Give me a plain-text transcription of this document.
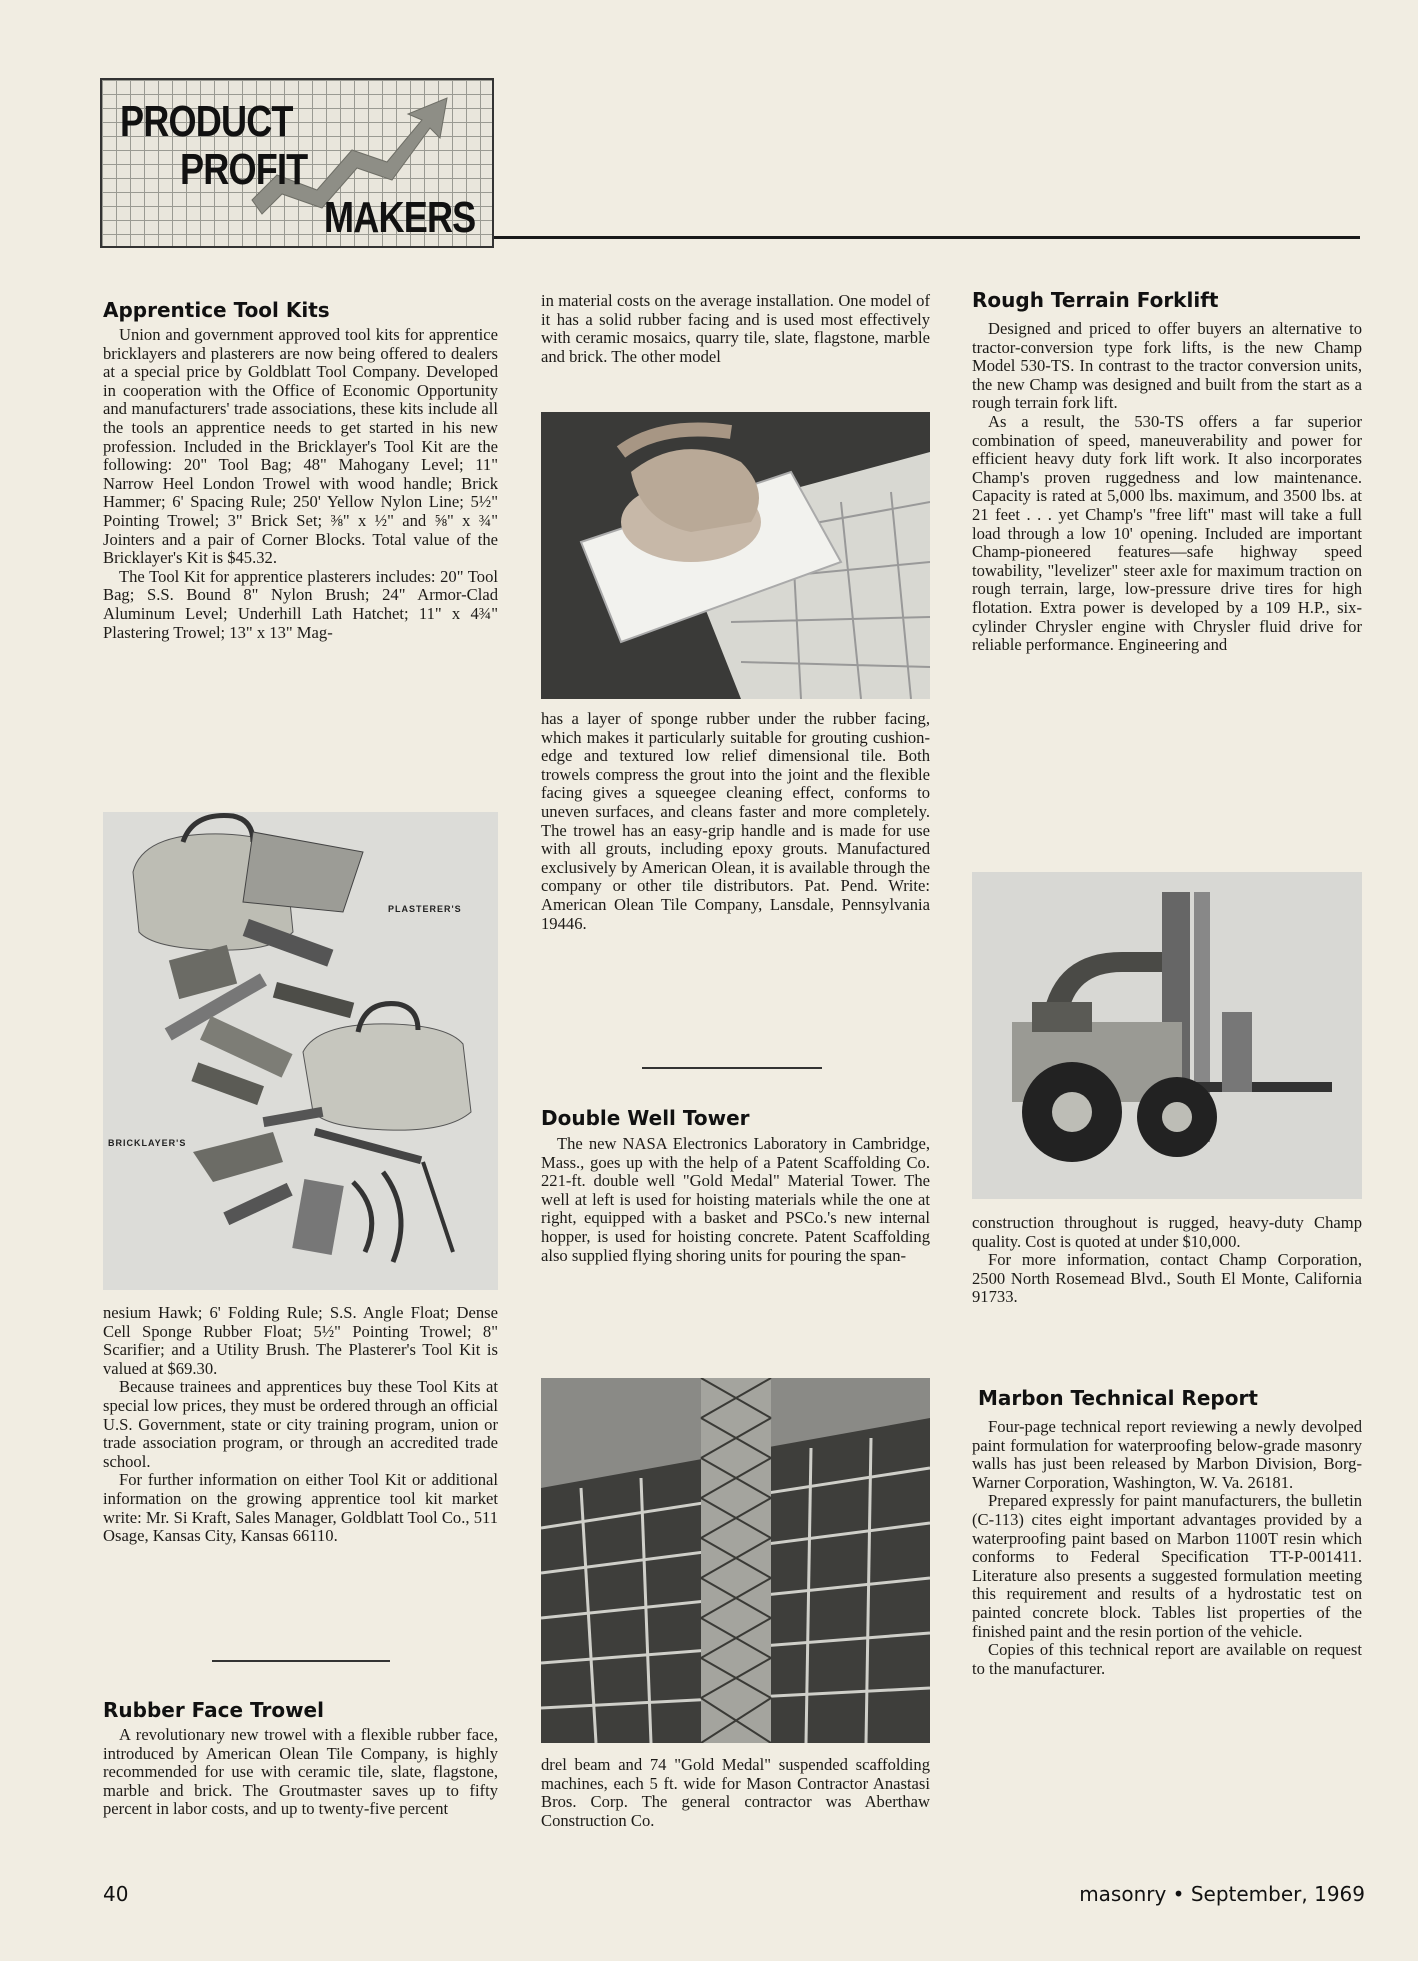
PRODUCT
PROFIT
MAKERS
Apprentice Tool Kits

Union and government approved tool kits for apprentice bricklayers and plasterers are now being offered to dealers at a special price by Goldblatt Tool Company. Developed in cooperation with the Office of Economic Opportunity and manufacturers' trade associations, these kits include all the tools an apprentice needs to get started in his new profession. Included in the Bricklayer's Tool Kit are the following: 20" Tool Bag; 48" Mahogany Level; 11" Narrow Heel London Trowel with wood handle; Brick Hammer; 6' Spacing Rule; 250' Yellow Nylon Line; 5½" Pointing Trowel; 3" Brick Set; ⅜" x ½" and ⅝" x ¾" Jointers and a pair of Corner Blocks. Total value of the Bricklayer's Kit is $45.32.

The Tool Kit for apprentice plasterers includes: 20" Tool Bag; S.S. Bound 8" Nylon Brush; 24" Armor-Clad Aluminum Level; Underhill Lath Hatchet; 11" x 4¾" Plastering Trowel; 13" x 13" Mag-

PLASTERER'S
BRICKLAYER'S

nesium Hawk; 6' Folding Rule; S.S. Angle Float; Dense Cell Sponge Rubber Float; 5½" Pointing Trowel; 8" Scarifier; and a Utility Brush. The Plasterer's Tool Kit is valued at $69.30.

Because trainees and apprentices buy these Tool Kits at special low prices, they must be ordered through an official U.S. Government, state or city training program, union or trade association program, or through an accredited trade school.

For further information on either Tool Kit or additional information on the growing apprentice tool kit market write: Mr. Si Kraft, Sales Manager, Goldblatt Tool Co., 511 Osage, Kansas City, Kansas 66110.

Rubber Face Trowel

A revolutionary new trowel with a flexible rubber face, introduced by American Olean Tile Company, is highly recommended for use with ceramic tile, slate, flagstone, marble and brick. The Groutmaster saves up to fifty percent in labor costs, and up to twenty-five percent

in material costs on the average installation. One model of it has a solid rubber facing and is used most effectively with ceramic mosaics, quarry tile, slate, flagstone, marble and brick. The other model

has a layer of sponge rubber under the rubber facing, which makes it particularly suitable for grouting cushion-edge and textured low relief dimensional tile. Both trowels compress the grout into the joint and the flexible facing gives a squeegee cleaning effect, conforms to uneven surfaces, and cleans faster and more completely. The trowel has an easy-grip handle and is made for use with all grouts, including epoxy grouts. Manufactured exclusively by American Olean, it is available through the company or other tile distributors. Pat. Pend. Write: American Olean Tile Company, Lansdale, Pennsylvania 19446.

Double Well Tower

The new NASA Electronics Laboratory in Cambridge, Mass., goes up with the help of a Patent Scaffolding Co. 221-ft. double well "Gold Medal" Material Tower. The well at left is used for hoisting materials while the one at right, equipped with a basket and PSCo.'s new internal hopper, is used for hoisting concrete. Patent Scaffolding also supplied flying shoring units for pouring the span-

drel beam and 74 "Gold Medal" suspended scaffolding machines, each 5 ft. wide for Mason Contractor Anastasi Bros. Corp. The general contractor was Aberthaw Construction Co.

Rough Terrain Forklift

Designed and priced to offer buyers an alternative to tractor-conversion type fork lifts, is the new Champ Model 530-TS. In contrast to the tractor conversion units, the new Champ was designed and built from the start as a rough terrain fork lift.

As a result, the 530-TS offers a far superior combination of speed, maneuverability and power for efficient heavy duty fork lift work. It also incorporates Champ's proven ruggedness and low maintenance. Capacity is rated at 5,000 lbs. maximum, and 3500 lbs. at 21 feet . . . yet Champ's "free lift" mast will take a full load through a low 10' opening. Included are important Champ-pioneered features—safe highway speed towability, "levelizer" steer axle for maximum traction on rough terrain, large, low-pressure drive tires for high flotation. Extra power is developed by a 109 H.P., six-cylinder Chrysler engine with Chrysler fluid drive for reliable performance. Engineering and

construction throughout is rugged, heavy-duty Champ quality. Cost is quoted at under $10,000.

For more information, contact Champ Corporation, 2500 North Rosemead Blvd., South El Monte, California 91733.

Marbon Technical Report

Four-page technical report reviewing a newly devolped paint formulation for waterproofing below-grade masonry walls has just been released by Marbon Division, Borg-Warner Corporation, Washington, W. Va. 26181.

Prepared expressly for paint manufacturers, the bulletin (C-113) cites eight important advantages provided by a waterproofing paint based on Marbon 1100T resin which conforms to Federal Specification TT-P-001411. Literature also presents a suggested formulation meeting this requirement and results of a hydrostatic test on painted concrete block. Tables list properties of the finished paint and the resin portion of the vehicle.

Copies of this technical report are available on request to the manufacturer.

40	masonry • September, 1969
